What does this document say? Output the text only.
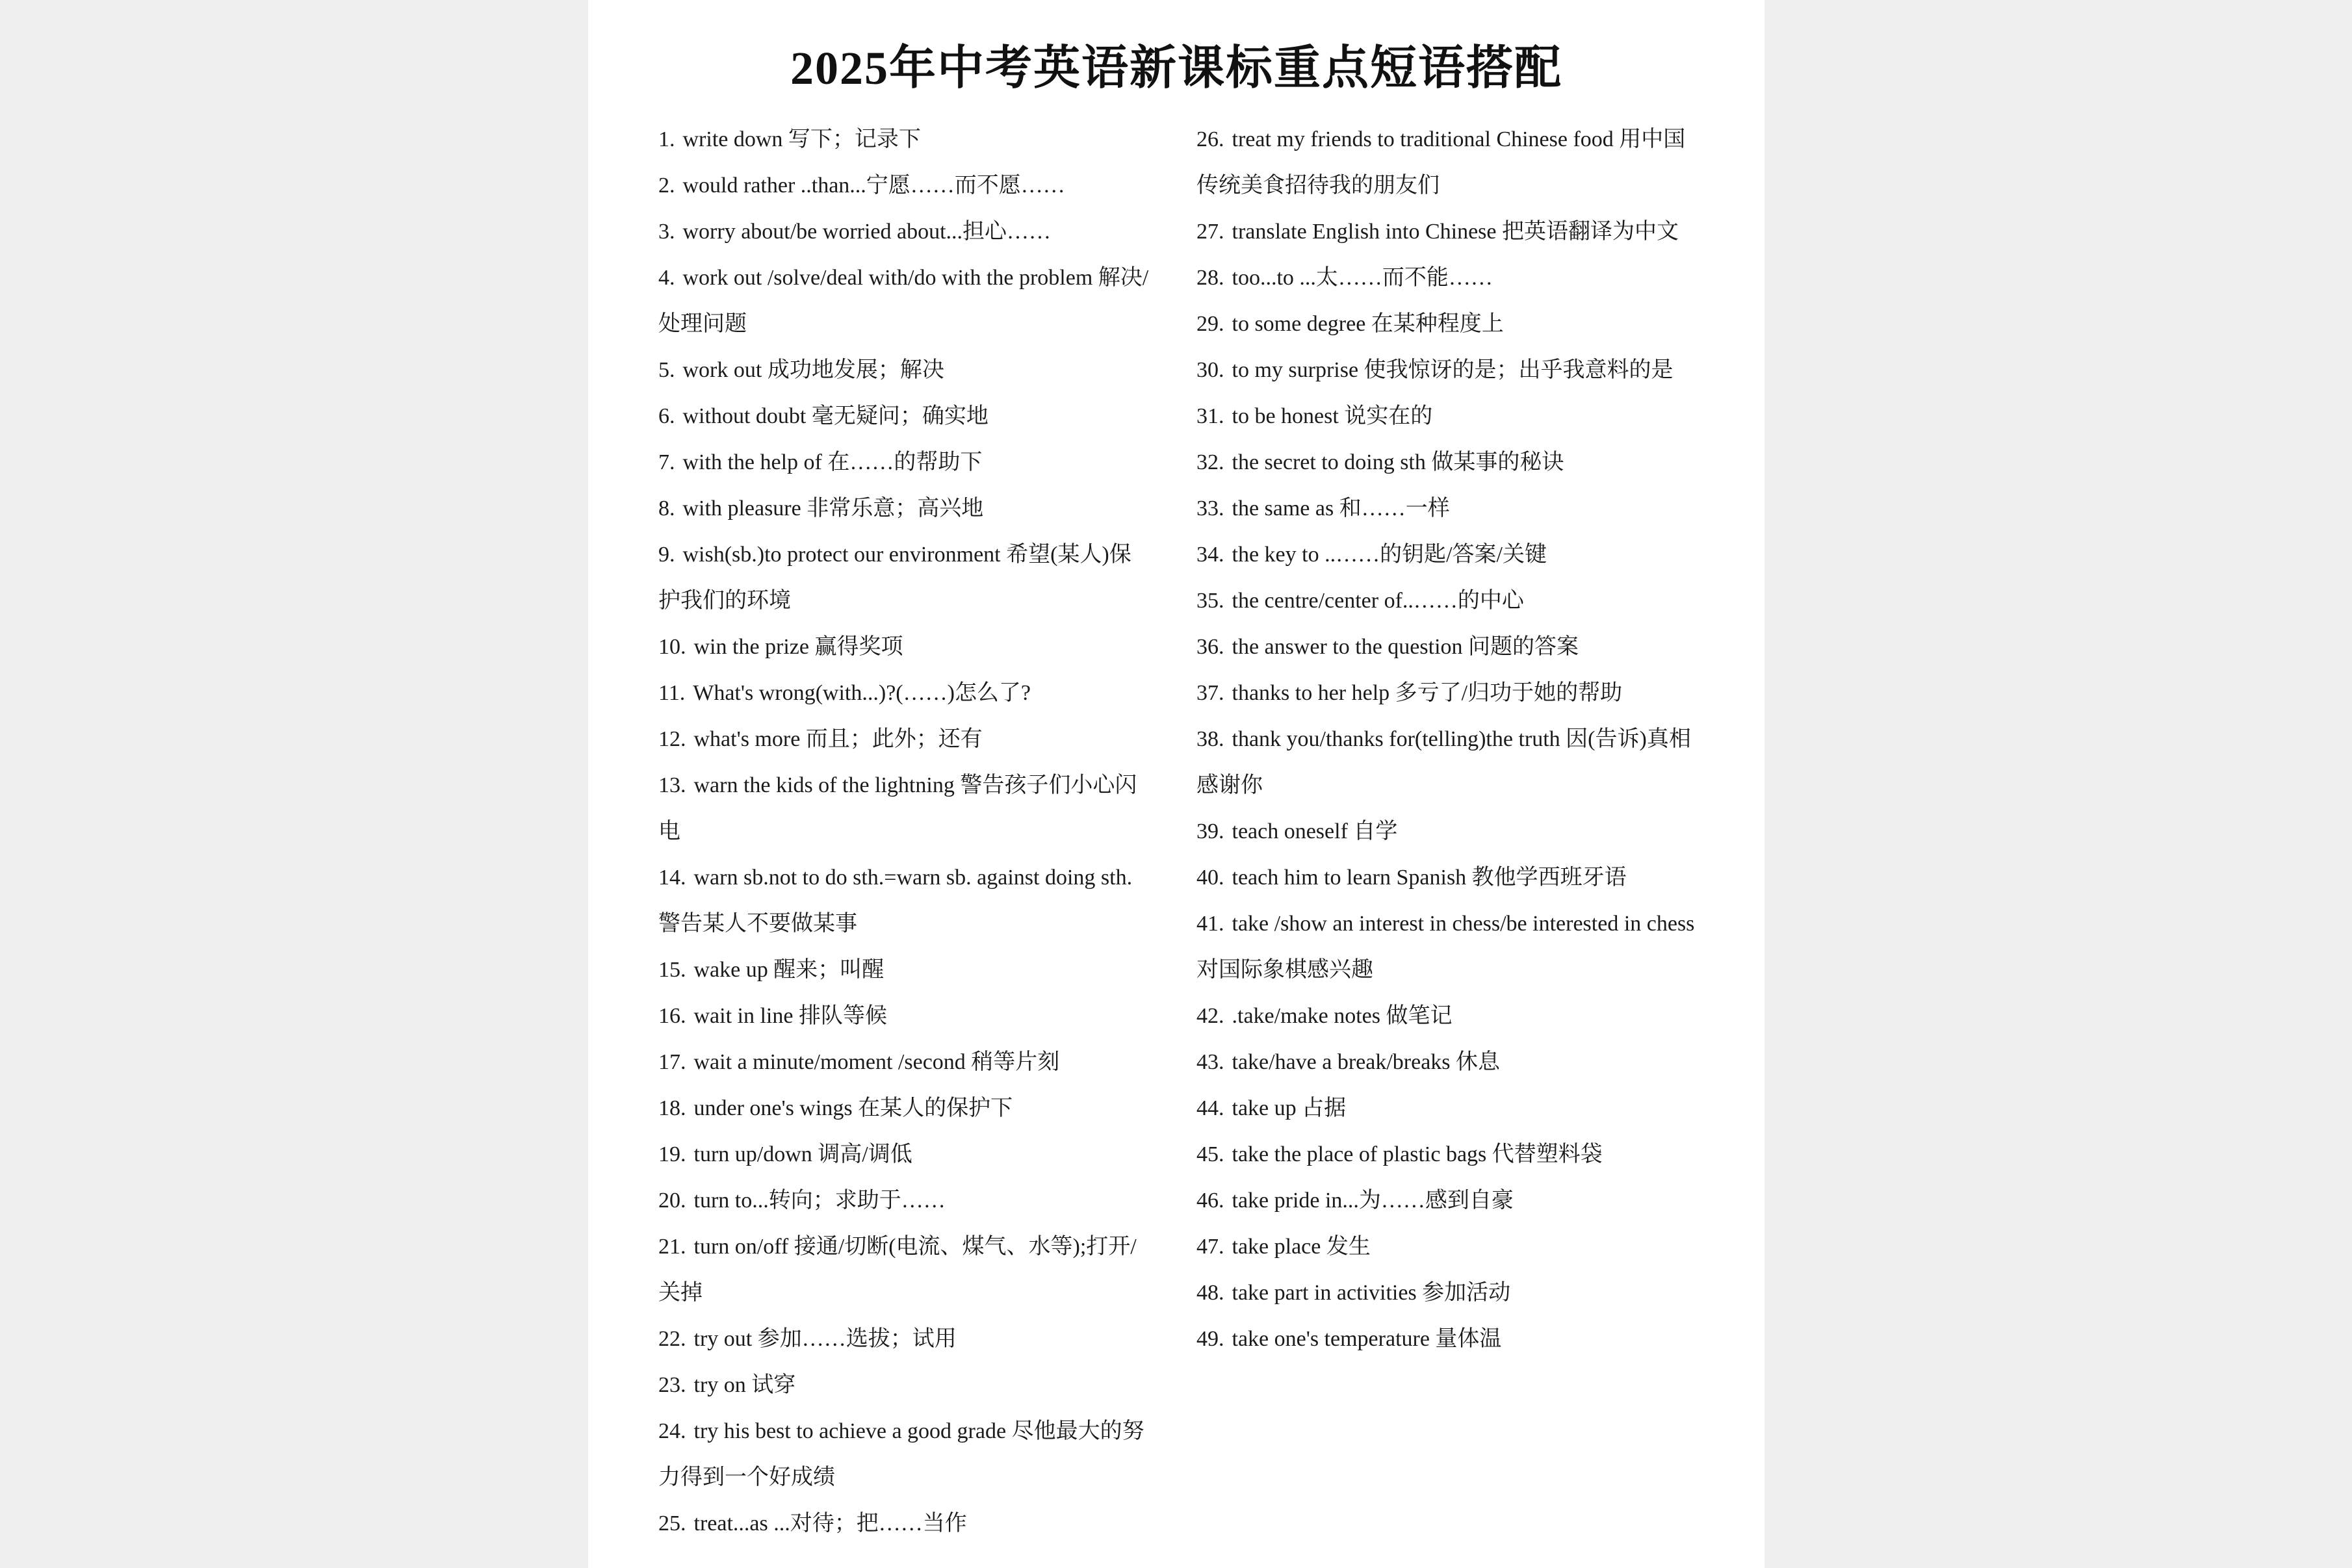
2025年中考英语新课标重点短语搭配

1. write down 写下；记录下

2. would rather ..than...宁愿……而不愿……

3. worry about/be worried about...担心……

4. work out /solve/deal with/do with the problem 解决/处理问题

5. work out 成功地发展；解决

6. without doubt 毫无疑问；确实地

7. with the help of 在……的帮助下

8. with pleasure 非常乐意；高兴地

9. wish(sb.)to protect our environment 希望(某人)保护我们的环境

10. win the prize 赢得奖项

11. What's wrong(with...)?(……)怎么了?

12. what's more 而且；此外；还有

13. warn the kids of the lightning 警告孩子们小心闪电

14. warn sb.not to do sth.=warn sb. against doing sth.警告某人不要做某事

15. wake up 醒来；叫醒

16. wait in line 排队等候

17. wait a minute/moment /second 稍等片刻

18. under one's wings 在某人的保护下

19. turn up/down 调高/调低

20. turn to...转向；求助于……

21. turn on/off 接通/切断(电流、煤气、水等);打开/关掉

22. try out 参加……选拔；试用

23. try on 试穿

24. try his best to achieve a good grade 尽他最大的努力得到一个好成绩

25. treat...as ...对待；把……当作

26. treat my friends to traditional Chinese food 用中国传统美食招待我的朋友们

27. translate English into Chinese 把英语翻译为中文

28. too...to ...太……而不能……

29. to some degree 在某种程度上

30. to my surprise 使我惊讶的是；出乎我意料的是

31. to be honest 说实在的

32. the secret to doing sth 做某事的秘诀

33. the same as 和……一样

34. the key to ..……的钥匙/答案/关键

35. the centre/center of..……的中心

36. the answer to the question 问题的答案

37. thanks to her help 多亏了/归功于她的帮助

38. thank you/thanks for(telling)the truth 因(告诉)真相感谢你

39. teach oneself 自学

40. teach him to learn Spanish 教他学西班牙语

41. take /show an interest in chess/be interested in chess 对国际象棋感兴趣

42. .take/make notes 做笔记

43. take/have a break/breaks 休息

44. take up 占据

45. take the place of plastic bags 代替塑料袋

46. take pride in...为……感到自豪

47. take place 发生

48. take part in activities 参加活动

49. take one's temperature 量体温
